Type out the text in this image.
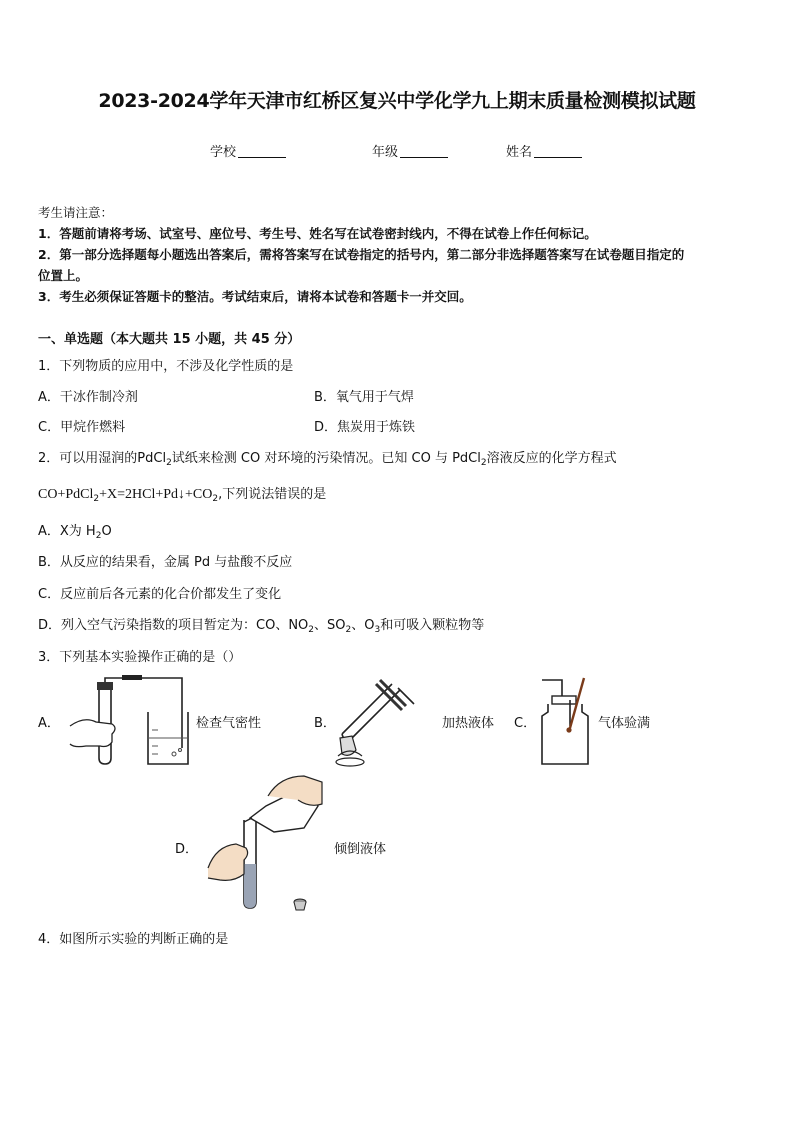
2023-2024学年天津市红桥区复兴中学化学九上期末质量检测模拟试题
学校	年级	姓名
考生请注意：
1．答题前请将考场、试室号、座位号、考生号、姓名写在试卷密封线内，不得在试卷上作任何标记。
2．第一部分选择题每小题选出答案后，需将答案写在试卷指定的括号内，第二部分非选择题答案写在试卷题目指定的
位置上。
3．考生必须保证答题卡的整洁。考试结束后，请将本试卷和答题卡一并交回。
一、单选题（本大题共 15 小题，共 45 分）
1．下列物质的应用中，不涉及化学性质的是
A．干冰作制冷剂	B．氧气用于气焊
C．甲烷作燃料	D．焦炭用于炼铁
2．可以用湿润的PdCl$_2$试纸来检测 CO 对环境的污染情况。已知 CO 与 PdCl$_2$溶液反应的化学方程式
$CO+PdCl_2+X=2HCl+Pd↓+CO_2$,下列说法错误的是
A．X为 $H_2O$
B．从反应的结果看，金属 Pd 与盐酸不反应
C．反应前后各元素的化合价都发生了变化
D．列入空气污染指数的项目暂定为：CO、$NO_2$、$SO_2$、$O_3$和可吸入颗粒物等
3．下列基本实验操作正确的是（）
A．	检查气密性	B．	加热液体 C．	气体验满
D．	倾倒液体
4．如图所示实验的判断正确的是
